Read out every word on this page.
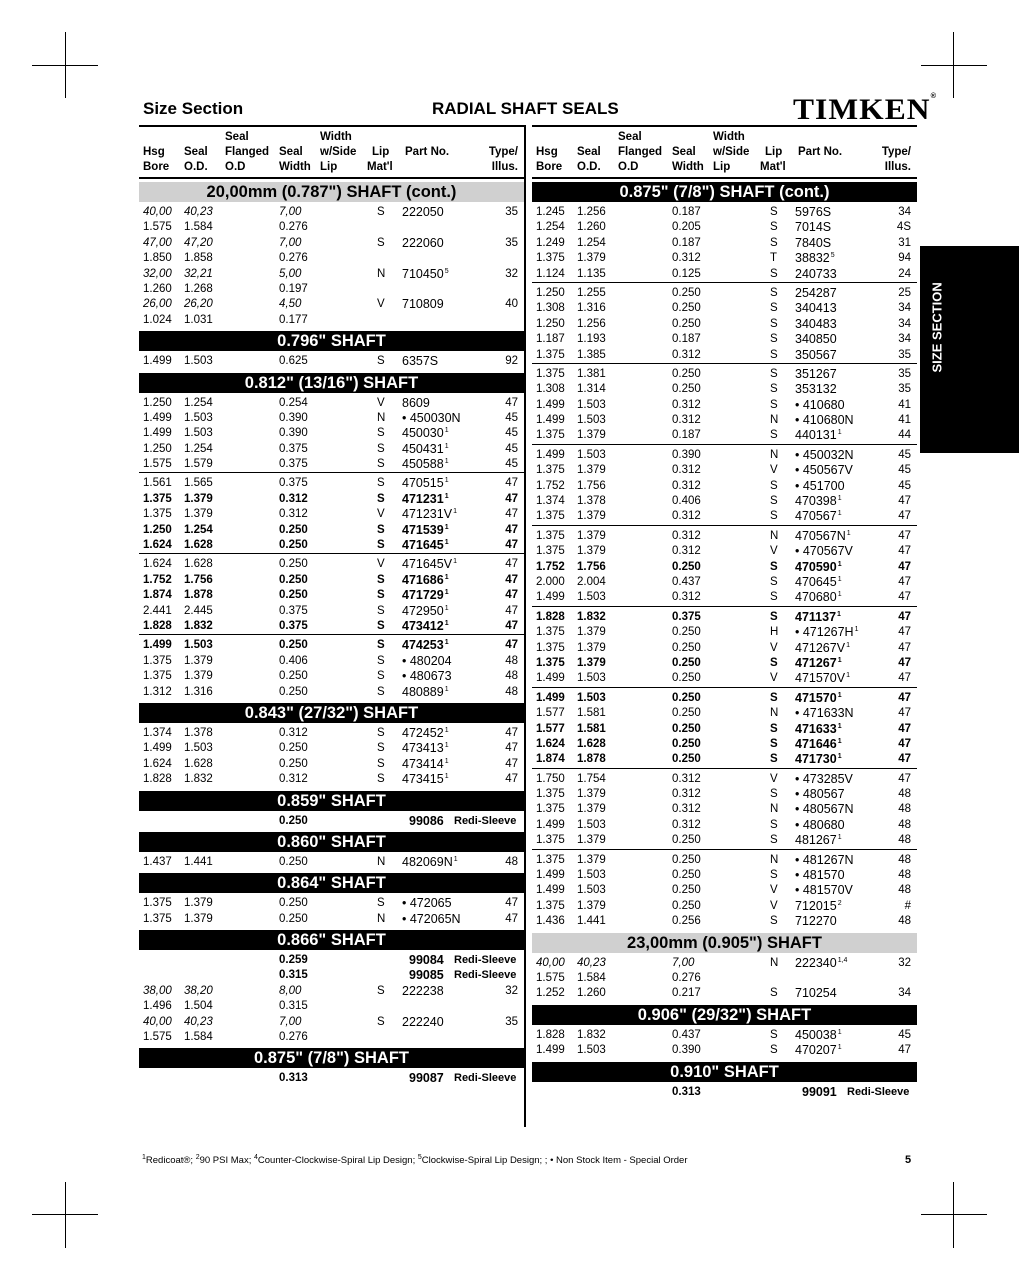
Size Section	RADIAL SHAFT SEALS	TIMKEN®
Seal	Width
Hsg Seal Flanged Seal w/Side Lip Part No.	Type/
Bore O.D. O.D	Width Lip	Mat'l	Illus.
20,00mm (0.787") SHAFT (cont.)
40,00 40,23	7,00	S 222050	35
1.575 1.584	0.276
47,00 47,20	7,00	S 222060	35
1.850 1.858	0.276
32,00 32,21	5,00	N 710450$^5$	32
1.260 1.268	0.197
26,00 26,20	4,50	V 710809	40
1.024 1.031	0.177
0.796" SHAFT
1.499 1.503	0.625	S 6357S	92
0.812" (13/16") SHAFT
1.250 1.254	0.254	V 8609	47
1.499 1.503	0.390	N • 450030N	45
1.499 1.503	0.390	S 450030$^1$	45
1.250 1.254	0.375	S 450431$^1$	45
1.575 1.579	0.375	S 450588$^1$	45
1.561 1.565	0.375	S 470515$^1$	47
1.375 1.379	0.312	S 471231$^1$	47
1.375 1.379	0.312	V $471231V^1$	47
1.250 1.254	0.250	S 471539$^1$	47
1.624 1.628	0.250	S 471645$^1$	47
1.624 1.628	0.250	V $471645V^1$	47
1.752 1.756	0.250	S 471686$^1$	47
1.874 1.878	0.250	S 471729$^1$	47
2.441 2.445	0.375	S 472950$^1$	47
1.828 1.832	0.375	S 473412$^1$	47
1.499 1.503	0.250	S 474253$^1$	47
1.375 1.379	0.406	S • 480204	48
1.375 1.379	0.250	S • 480673	48
1.312 1.316	0.250	S 480889$^1$	48
0.843" (27/32") SHAFT
1.374 1.378	0.312	S 472452$^1$	47
1.499 1.503	0.250	S 473413$^1$	47
1.624 1.628	0.250	S 473414$^1$	47
1.828 1.832	0.312	S 473415$^1$	47
0.859" SHAFT
0.250	99086 Redi-Sleeve
0.860" SHAFT
1.437 1.441	0.250	N $482069N^1$	48
0.864" SHAFT
1.375 1.379	0.250	S • 472065	47
1.375 1.379	0.250	N • 472065N	47
0.866" SHAFT
0.259	99084 Redi-Sleeve
0.315	99085 Redi-Sleeve
38,00 38,20	8,00	S 222238	32
1.496 1.504	0.315
40,00 40,23	7,00	S 222240	35
1.575 1.584	0.276
0.875" (7/8") SHAFT
0.313	99087 Redi-Sleeve
Seal	Width
Hsg Seal Flanged Seal w/Side Lip Part No.	Type/
Bore O.D. O.D	Width Lip	Mat'l	Illus.
0.875" (7/8") SHAFT (cont.)
1.245 1.256	0.187	S 5976S	34
1.254 1.260	0.205	S 7014S	4S
1.249 1.254	0.187	S 7840S	31
1.375 1.379	0.312	T 38832$^5$	94
1.124 1.135	0.125	S 240733	24
1.250 1.255	0.250	S 254287	25
1.308 1.316	0.250	S 340413	34
1.250 1.256	0.250	S 340483	34
1.187 1.193	0.187	S 340850	34
1.375 1.385	0.312	S 350567	35
1.375 1.381	0.250	S 351267	35
1.308 1.314	0.250	S 353132	35
1.499 1.503	0.312	S • 410680	41
1.499 1.503	0.312	N • 410680N	41
1.375 1.379	0.187	S 440131$^1$	44
1.499 1.503	0.390	N • 450032N	45
1.375 1.379	0.312	V • 450567V	45
1.752 1.756	0.312	S • 451700	45
1.374 1.378	0.406	S 470398$^1$	47
1.375 1.379	0.312	S 470567$^1$	47
1.375 1.379	0.312	N $470567N^1$	47
1.375 1.379	0.312	V • 470567V	47
1.752 1.756	0.250	S 470590$^1$	47
2.000 2.004	0.437	S 470645$^1$	47
1.499 1.503	0.312	S 470680$^1$	47
1.828 1.832	0.375	S 471137$^1$	47
1.375 1.379	0.250	H • $471267H^1$	47
1.375 1.379	0.250	V $471267V^1$	47
1.375 1.379	0.250	S 471267$^1$	47
1.499 1.503	0.250	V $471570V^1$	47
1.499 1.503	0.250	S 471570$^1$	47
1.577 1.581	0.250	N • 471633N	47
1.577 1.581	0.250	S 471633$^1$	47
1.624 1.628	0.250	S 471646$^1$	47
1.874 1.878	0.250	S 471730$^1$	47
1.750 1.754	0.312	V • 473285V	47
1.375 1.379	0.312	S • 480567	48
1.375 1.379	0.312	N • 480567N	48
1.499 1.503	0.312	S • 480680	48
1.375 1.379	0.250	S 481267$^1$	48
1.375 1.379	0.250	N • 481267N	48
1.499 1.503	0.250	S • 481570	48
1.499 1.503	0.250	V • 481570V	48
1.375 1.379	0.250	V 712015$^2$	#
1.436 1.441	0.256	S 712270	48
23,00mm (0.905") SHAFT
40,00 40,23	7,00	N 222340$^{1,4}$	32
1.575 1.584	0.276
1.252 1.260	0.217	S 710254	34
0.906" (29/32") SHAFT
1.828 1.832	0.437	S 450038$^1$	45
1.499 1.503	0.390	S 470207$^1$	47
0.910" SHAFT
0.313	99091 Redi-Sleeve
$^1$Redicoat®; $^2$90 PSI Max; $^4$Counter-Clockwise-Spiral Lip Design; $^5$Clockwise-Spiral Lip Design; ; • Non Stock Item - Special Order	5
